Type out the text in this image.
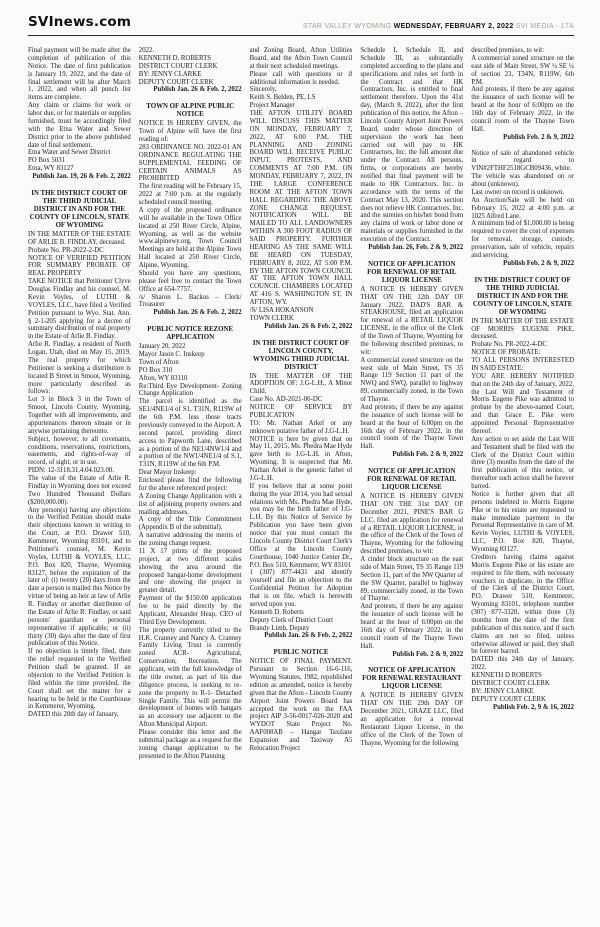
SVInews.com	STAR VALLEY WYOMING WEDNESDAY, FEBRUARY 2, 2022 SVI MEDIA - 17A

Final payment will be made after the completion of publication of this Notice. The date of first publication is January 19, 2022, and the date of final settlement will be after March 1, 2022, and when all punch list items are complete.

Any claim or claims for work or labor due, or for materials or supplies furnished, must be accordingly filed with the Etna Water and Sewer District prior to the above published date of final settlement.

Etna Water and Sewer District

PO Box 5031

Etna, WY 83127

Publish Jan. 19, 26 & Feb. 2, 2022

IN THE DISTRICT COURT OF THE THIRD JUDICIAL DISTRICT IN AND FOR THE COUNTY OF LINCOLN, STATE OF WYOMING

IN THE MATTER OF THE ESTATE OF ARLIE B. FINDLAY, deceased.

Probate No. PR-2022-2-DC

NOTICE OF VERIFIED PETITION FOR SUMMARY PROBATE OF REAL PROPERTY

TAKE NOTICE that Petitioner Clyve Douglas Findlay and his counsel, M. Kevin Voyles, of LUTHI & VOYLES, LLC, have filed a Verified Petition pursuant to Wyo. Stat. Ann. § 2-1-205 applying for a decree of summary distribution of real property in the Estate of Arlie B. Findlay.

Arlie R. Findlay, a resident of North Logan, Utah, died on May 15, 2019. The real property for which Petitioner is seeking a distribution is located B Street in Smoot, Wyoming, more particularly described as follows:

Lot 3 in Block 3 in the Town of Smoot, Lincoln County, Wyoming, Together with all improvements, and appurtenances thereon situate or in anywise pertaining thereunto.

Subject, however, to all covenants, conditions, reservations, restrictions, easements, and rights-of-way of record, of sight, or in use.

PIDN: 12-3118.31.4.04.023.00.

The value of the Estate of Arlie R. Findlay in Wyoming does not exceed Two Hundred Thousand Dollars ($200,000.00).

Any person(s) having any objections to the Verified Petition should make their objections known in writing to the Court, at P.O. Drawer 510, Kemmerer, Wyoming 83101, and to Petitioner's counsel, M. Kevin Voyles, LUTHI & VOYLES, LLC, P.O. Box 820, Thayne, Wyoming 83127, before the expiration of the later of: (i) twenty (20) days from the date a person is mailed this Notice by virtue of being an heir at law of Arlie R. Findlay or another distributee of the Estate of Arlie R. Findlay, or said persons' guardian or personal representative if applicable; or (ii) thirty (30) days after the date of first publication of this Notice.

If no objection is timely filed, then the relief requested in the Verified Petition shall be granted. If an objection to the Verified Petition is filed within the time provided, the Court shall set the matter for a hearing to be held in the Courthouse in Kemmerer, Wyoming.

DATED this 20th day of January,

2022.

KENNETH D. ROBERTS

DISTRICT COURT CLERK

BY: JENNY CLARKE

DEPUTY COURT CLERK

Publish Jan. 26 & Feb. 2, 2022

TOWN OF ALPINE PUBLIC NOTICE

NOTICE IS HEREBY GIVEN, the Town of Alpine will have the first reading of:

283 ORDINANCE NO. 2022-01 AN ORDINANCE REGULATING THE SUPPLEMENTAL FEEDING OF CERTAIN ANIMALS AS PROHIBITED

The first reading will be February 15, 2022 at 7:00 p.m. at the regularly scheduled council meeting.

A copy of the proposed ordinance will be available in the Town Office located at 250 River Circle, Alpine, Wyoming, as well as the website www.alpinewy.org. Town Council Meetings are held at the Alpine Town Hall located at 250 River Circle, Alpine, Wyoming.

Should you have any questions, please feel free to contact the Town Office at 654-7757.

/s/ Sharon L. Backus – Clerk/ Treasurer

Publish Jan. 26 & Feb. 2, 2022

PUBLIC NOTICE REZONE APPLICATION

January 20, 2022

Mayor Jason C. Inskeep

Town of Afton

PO Box 310

Afton, WY 83110

Re:Third Eye Development- Zoning Change Application

The parcel is identified as the SE1/4NE1/4 of S1, T31N, R119W of the 6th P.M. less those tracts previously conveyed to the Airport. A second parcel, providing direct access to Papworth Lane, described as a portion of the NE1/4NW1/4 and a portion of the NW1/4NE1/4 of S.1, T31N, R119W of the 6th P.M.

Dear Mayor Inskeep:

Enclosed please find the following for the above referenced project:

A Zoning Change Application with a list of adjoining property owners and mailing addresses.

A copy of the Title Commitment (Appendix B of the submittal).

A narrative addressing the merits of the zoning change request.

11 X 17 prints of the proposed project, at two different scales showing the area around the proposed hangar-home development and one showing the project in greater detail.

Payment of the $150.00 application fee to be paid directly by the Applicant, Alexander Heap, CEO of Third Eye Development.

The property currently titled to the H.K. Cranney and Nancy A. Cranney Family Living Trust is currently zoned ACR- Agricultural, Conservation, Recreation. The applicant, with the full knowledge of the title owner, as part of his due diligence process, is seeking to re-zone the property to R-1- Detached Single Family. This will permit the development of homes with hangars as an accessory use adjacent to the Afton Municipal Airport.

Please consider this letter and the submittal package as a request for the zoning change application to be presented to the Afton Planning

and Zoning Board, Afton Utilities Board, and the Afton Town Council at their next scheduled meetings.

Please call with questions or if additional information is needed.

Sincerely,

Keith S. Belden, PE, LS

Project Manager

THE AFTON UTILITY BOARD WILL DISCUSS THIS MATTER ON MONDAY, FEBRUARY 7, 2022, AT 6:00 P.M. THE PLANNING AND ZONING BOARD WILL RECEIVE PUBLIC INPUT, PROTESTS, AND COMMENTS AT 7:00 P.M. ON MONDAY, FEBRUARY 7, 2022, IN THE LARGE CONFERENCE ROOM AT THE AFTON TOWN HALL REGARDING THE ABOVE ZONE CHANGE REQUEST. NOTIFICATION WILL BE MAILED TO ALL LANDOWNERS WITHIN A 300 FOOT RADIUS OF SAID PROPERTY. FURTHER HEARING AS THE SAME WILL BE HEARD ON TUESDAY, FEBRUARY 8, 2022, AT 5:00 P.M. BY THE AFTON TOWN COUNCIL AT THE AFTON TOWN HALL COUNCIL CHAMBERS LOCATED AT 416 S. WASHINGTON ST, IN AFTON, WY.

/S/ LISA HOKANSON

TOWN CLERK

Publish Jan. 26 & Feb. 2, 2022

IN THE DISTRICT COURT OF LINCOLN COUNTY, WYOMING THIRD JUDICIAL DISTRICT

IN THE MATTER OF THE ADOPTION OF: J.G-L.H., A Minor Child.

Case No. AD-2021-06-DC

NOTICE OF SERVICE BY PUBLICATION

TO: Mr. Nathan Arkel or any unknown putative father of J.G-L.H.

NOTICE is here by given that on May 11, 2015, Ms. Phedra Mae Hyde gave birth to J.G-L.H. in Afton, Wyoming. It is suspected that Mr. Nathan Arkel is the genetic father of J.G-L.H.

If you believe that at some point during the year 2014, you had sexual relations with Ms. Phedra Mae Hyde, you may be the birth father of J.G-L.H. By this Notice of Service by Publication you have been given notice that you must contact the Lincoln County District Court Clerk's Office at the Lincoln County Courthouse, 1040 Justice Center Dr., P.O. Box 510, Kemmerer, WY 83101

1 (307) 877-4431 and identify yourself and file an objection to the Confidential Petition for Adoption that is on file, which is herewith served upon you.

Kenneth D. Roberts

Deputy Clerk of District Court

Brandy Limb, Deputy

Publish Jan. 26 & Feb. 2, 2022

PUBLIC NOTICE

NOTICE OF FINAL PAYMENT. Pursuant to Section 16-6-116, Wyoming Statutes, 1982, republished edition as amended, notice is hereby given that the Afton - Lincoln County Airport Joint Powers Board has accepted the work on the FAA project AIP 3-56-0017-026-2020 and WYDOT State Project No. AAF008AB – Hangar Taxilane Expansion and Taxiway A5 Relocation Project

Schedule I, Schedule II, and Schedule III, as substantially completed according to the plans and specifications and rules set forth in the Contract and that HK Contractors, Inc. is entitled to final settlement therefore. Upon the 41st day, (March 8, 2022), after the first publication of this notice, the Afton – Lincoln County Airport Joint Powers Board, under whose direction of supervision the work has been carried out will pay to HK Contractors, Inc. the full amount due under the Contract. All persons, firms, or corporations are hereby notified that final payment will be made to HK Contractors, Inc. in accordance with the terms of the Contract May 13, 2020. This section does not relieve HK Contractors, Inc. and the sureties on his/her bond from any claims of work or labor done or materials or supplies furnished in the execution of the Contract.

Publish Jan. 26, Feb. 2 & 9, 2022

NOTICE OF APPLICATION FOR RENEWAL OF RETAIL LIQUOR LICENSE

A NOTICE IS HEREBY GIVEN THAT ON THE 12th DAY OF January 2022, DAD'S BAR & STEAKHOUSE, filed an application for renewal of a RETAIL LIQUOR LICENSE, in the office of the Clerk of the Town of Thayne, Wyoming for the following described premises, to wit:

A commercial zoned structure on the west side of Main Street, TS 35 Range 119 Section 11 part of the NWQ and SWQ, parallel to highway 89, commercially zoned, in the Town of Thayne.

And protests, if there be any against the issuance of such license will be heard at the hour of 6:00pm on the 16th day of February 2022, in the council room of the Thayne Town Hall.

Publish Feb. 2 & 9, 2022

NOTICE OF APPLICATION FOR RENEWAL OF RETAIL LIQUOR LICENSE

A NOTICE IS HEREBY GIVEN THAT ON THE 31st DAY OF December 2021, PINE'S BAR G LLC, filed an application for renewal of a RETAIL LIQUOR LICENSE, in the office of the Clerk of the Town of Thayne, Wyoming for the following described premises, to wit:

A cinder block structure on the east side of Main Street, TS 35 Range 119 Section 11, part of the NW Quarter of the SW Quarter, parallel to highway 89, commercially zoned, in the Town of Thayne.

And protests, if there be any against the issuance of such license will be heard at the hour of 6:00pm on the 16th day of February 2022, in the council room of the Thayne Town Hall.

Publish Feb. 2 & 9, 2022

NOTICE OF APPLICATION FOR RENEWAL RESTAURANT LIQUOR LICENSE

A NOTICE IS HEREBY GIVEN THAT ON THE 29th DAY OF December 2021, GRAZE LLC, filed an application for a renewal Restaurant Liquor License, in the office of the Clerk of the Town of Thayne, Wyoming for the following

described premises, to wit:

A commercial zoned structure on the east side of Main Street, SW ¼ SE ¼ of section 23, T34N, R119W, 6th P.M.

And protests, if there be any against the issuance of such license will be heard at the hour of 6:00pm on the 16th day of February 2022, in the council room of the Thayne Town Hall.

Publish Feb. 2 & 9, 2022

Notice of sale of abandoned vehicle in regard to VIN#2FTHF2518GCB09436, white.

The vehicle was abandoned on or about (unknown).

Last owner on record is unknown.

An Auction/Sale will be held on February 15, 2022 at 4:00 p.m. at 1025 Alfred Lane.

A minimum bid of $1,000.00 is being required to cover the cost of expenses for removal, storage, custody, preservation, sale of vehicle, repairs and servicing.

Publish Feb. 2 & 9, 2022

IN THE DISTRICT COURT OF THE THIRD JUDICIAL DISTRICT IN AND FOR THE COUNTY OF LINCOLN, STATE OF WYOMING

IN THE MATTER OF THE ESTATE OF MORRIS EUGENE PIKE, deceased.

Probate No. PR-2022-4-DC

NOTICE OF PROBATE:

TO ALL PERSONS INTERESTED IN SAID ESTATE:

YOU ARE HEREBY NOTIFIED that on the 24th day of January, 2022, the Last Will and Testament of Morris Eugene Pike was admitted to probate by the above-named Court, and that Grace E. Pike were appointed Personal Representative thereof.

Any action to set aside the Last Will and Testament shall be filed with the Clerk of the District Court within three (3) months from the date of the first publication of this notice, or thereafter such action shall be forever barred.

Notice is further given that all persons indebted to Morris Eugene Pike or to his estate are requested to make immediate payment to the Personal Representative in care of M. Kevin Voyles, LUTHI & VOYLES, LLC, P.O. Box 820, Thayne, Wyoming 83127.

Creditors having claims against Morris Eugene Pike or his estate are required to file them, with necessary vouchers in duplicate, in the Office of the Clerk of the District Court, P.O. Drawer 510, Kemmerer, Wyoming 83101, telephone number (307) 877-3320, within three (3) months from the date of the first publication of this notice, and if such claims are not so filed, unless otherwise allowed or paid, they shall be forever barred.

DATED this 24th day of January, 2022.

KENNETH D ROBERTS

DISTRICT COURT CLERK

BY: JENNY CLARKE

DEPUTY COURT CLERK

Publish Feb. 2, 9 & 16, 2022
